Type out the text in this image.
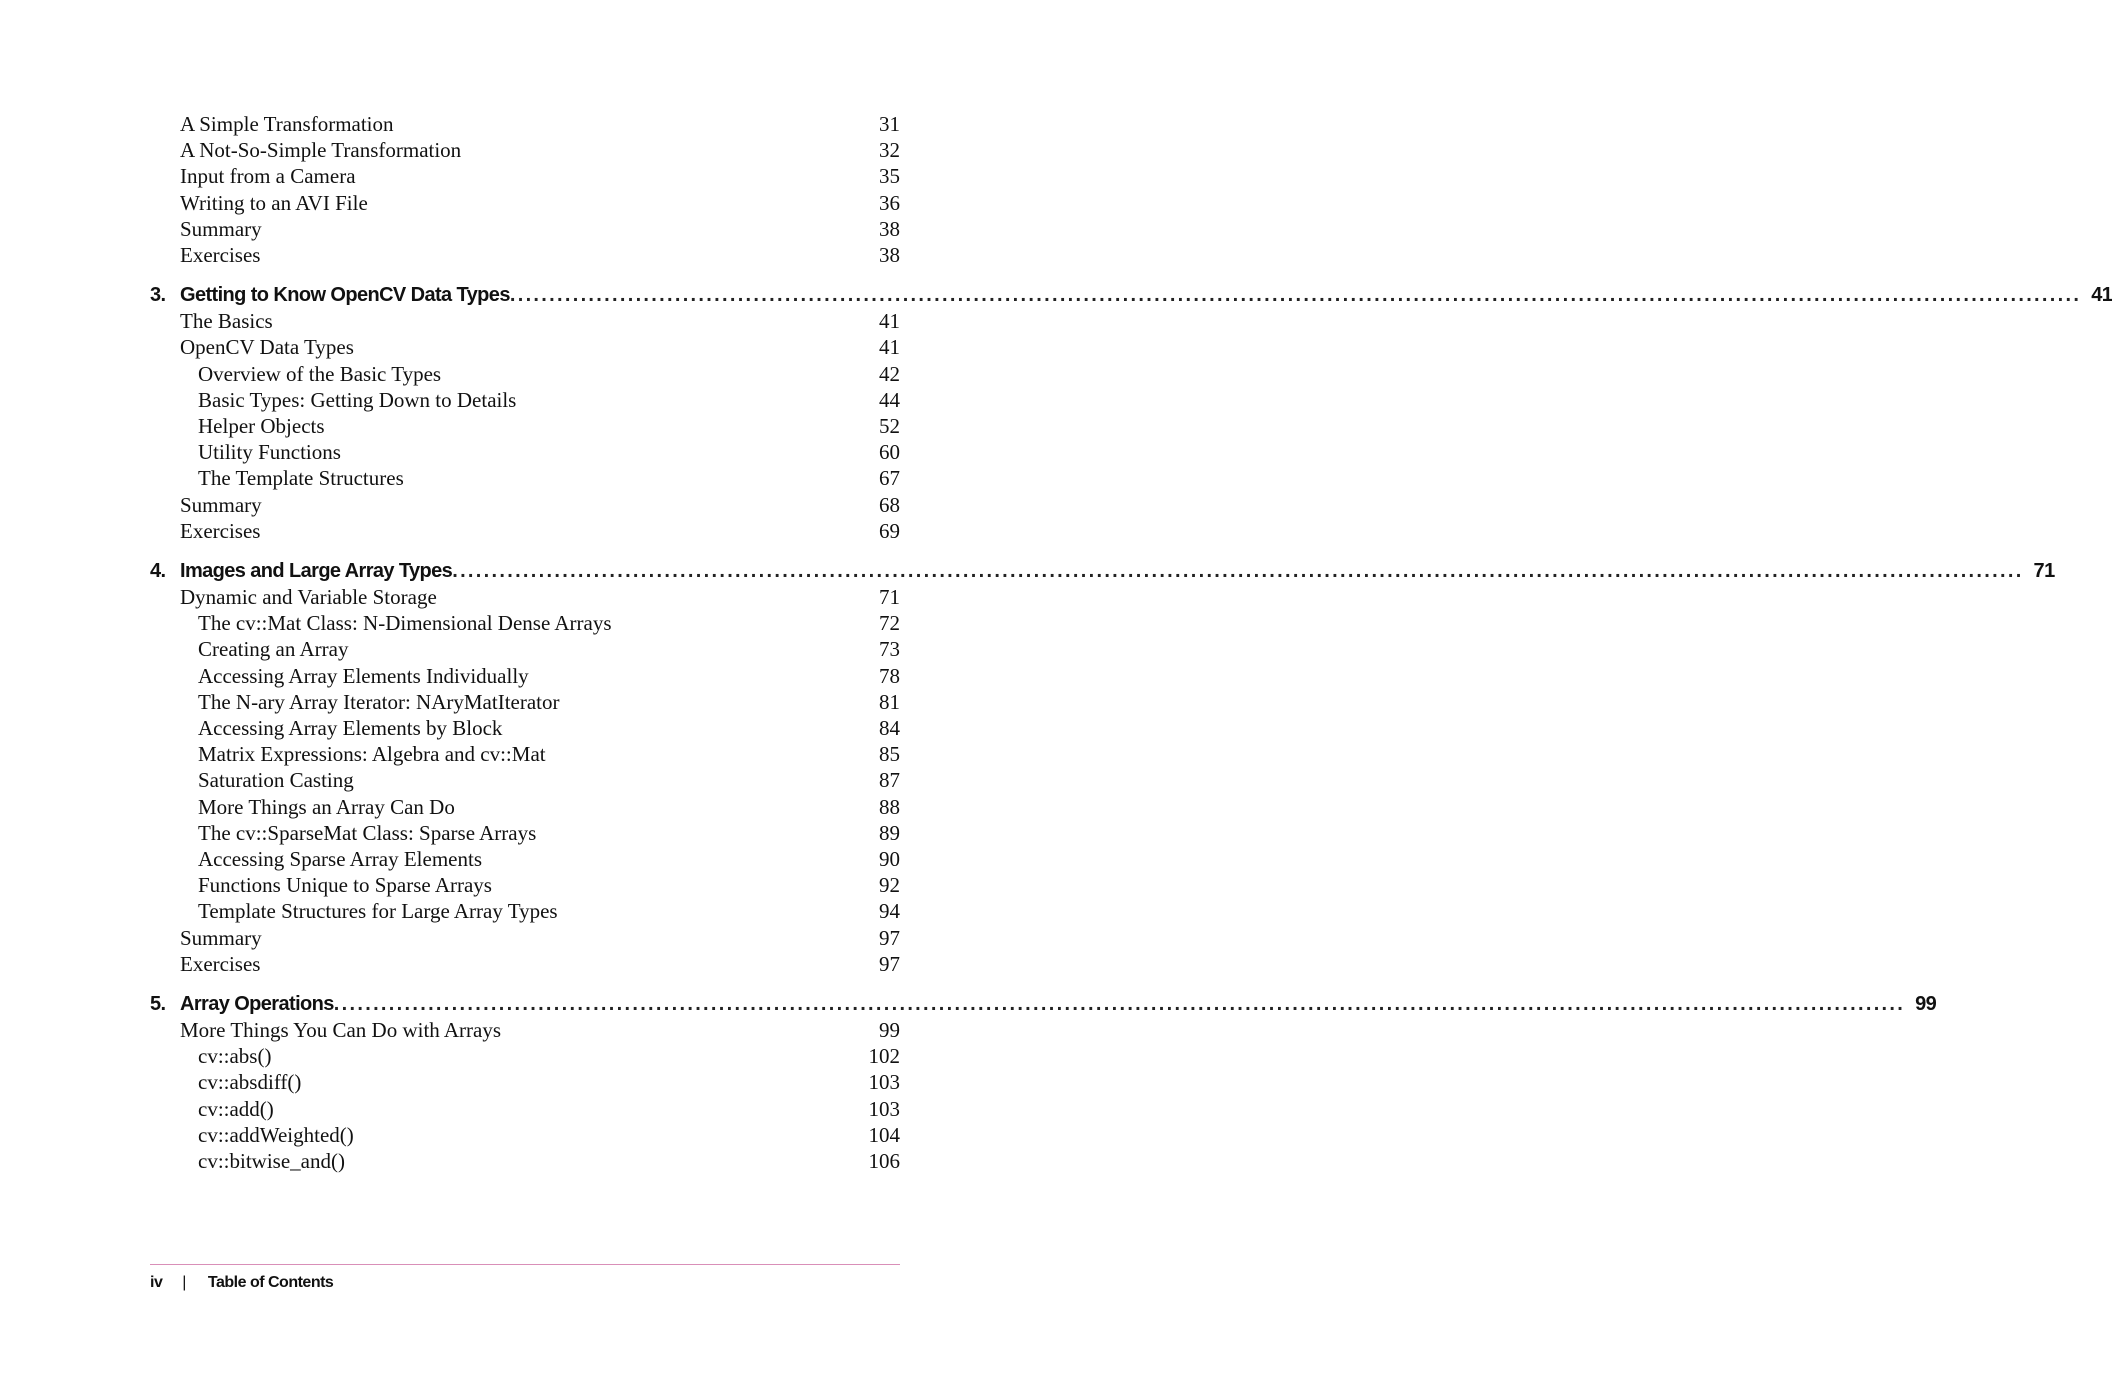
A Simple Transformation	31
A Not-So-Simple Transformation	32
Input from a Camera	35
Writing to an AVI File	36
Summary	38
Exercises	38
3. Getting to Know OpenCV Data Types ........................................................................................................................................................................................................ 41
The Basics	41
OpenCV Data Types	41
Overview of the Basic Types	42
Basic Types: Getting Down to Details	44
Helper Objects	52
Utility Functions	60
The Template Structures	67
Summary	68
Exercises	69
4. Images and Large Array Types ........................................................................................................................................................................................................ 71
Dynamic and Variable Storage	71
The cv::Mat Class: N-Dimensional Dense Arrays	72
Creating an Array	73
Accessing Array Elements Individually	78
The N-ary Array Iterator: NAryMatIterator	81
Accessing Array Elements by Block	84
Matrix Expressions: Algebra and cv::Mat	85
Saturation Casting	87
More Things an Array Can Do	88
The cv::SparseMat Class: Sparse Arrays	89
Accessing Sparse Array Elements	90
Functions Unique to Sparse Arrays	92
Template Structures for Large Array Types	94
Summary	97
Exercises	97
5. Array Operations ........................................................................................................................................................................................................ 99
More Things You Can Do with Arrays	99
cv::abs()	102
cv::absdiff()	103
cv::add()	103
cv::addWeighted()	104
cv::bitwise_and()	106
iv | Table of Contents
